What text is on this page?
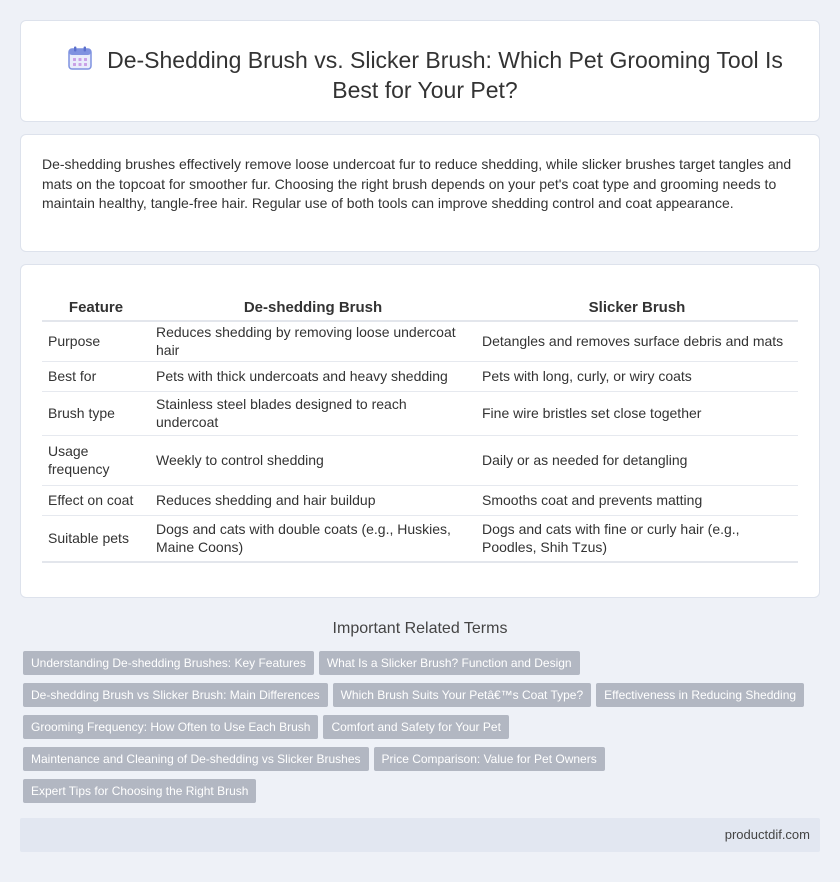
De-Shedding Brush vs. Slicker Brush: Which Pet Grooming Tool Is Best for Your Pet?

De-shedding brushes effectively remove loose undercoat fur to reduce shedding, while slicker brushes target tangles and mats on the topcoat for smoother fur. Choosing the right brush depends on your pet's coat type and grooming needs to maintain healthy, tangle-free hair. Regular use of both tools can improve shedding control and coat appearance.

Feature	De-shedding Brush	Slicker Brush
Purpose	Reduces shedding by removing loose undercoat hair	Detangles and removes surface debris and mats
Best for	Pets with thick undercoats and heavy shedding	Pets with long, curly, or wiry coats
Brush type	Stainless steel blades designed to reach undercoat	Fine wire bristles set close together
Usage frequency	Weekly to control shedding	Daily or as needed for detangling
Effect on coat	Reduces shedding and hair buildup	Smooths coat and prevents matting
Suitable pets	Dogs and cats with double coats (e.g., Huskies, Maine Coons)	Dogs and cats with fine or curly hair (e.g., Poodles, Shih Tzus)
Important Related Terms
Understanding De-shedding Brushes: Key Features What Is a Slicker Brush? Function and Design
De-shedding Brush vs Slicker Brush: Main Differences Which Brush Suits Your Petâ€™s Coat Type? Effectiveness in Reducing Shedding
Grooming Frequency: How Often to Use Each Brush Comfort and Safety for Your Pet
Maintenance and Cleaning of De-shedding vs Slicker Brushes Price Comparison: Value for Pet Owners
Expert Tips for Choosing the Right Brush
productdif.com
